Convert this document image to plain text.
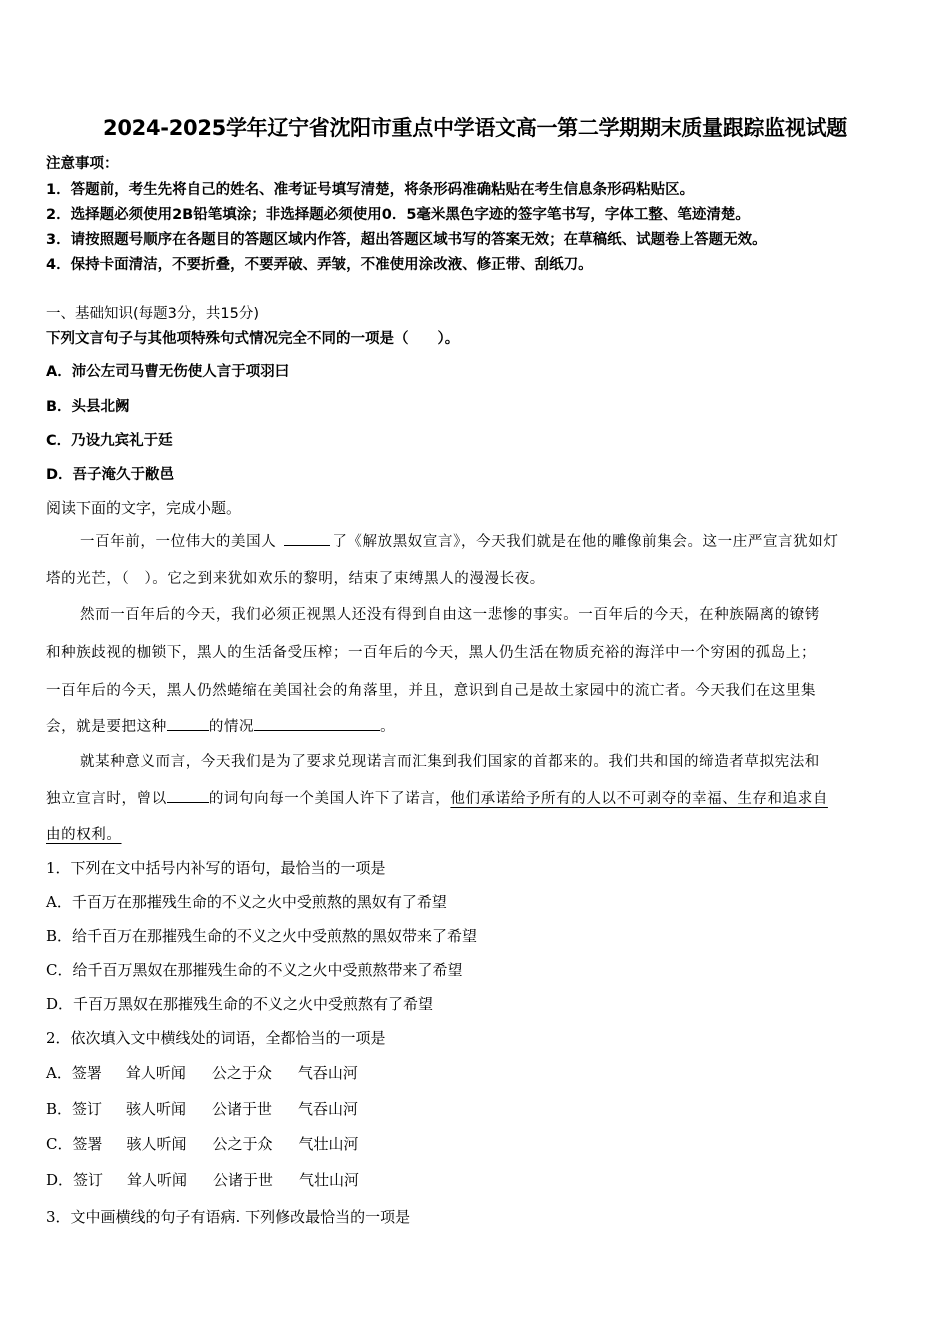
2024-2025学年辽宁省沈阳市重点中学语文高一第二学期期末质量跟踪监视试题
注意事项：
1．答题前，考生先将自己的姓名、准考证号填写清楚，将条形码准确粘贴在考生信息条形码粘贴区。
2．选择题必须使用2B铅笔填涂；非选择题必须使用0．5毫米黑色字迹的签字笔书写，字体工整、笔迹清楚。
3．请按照题号顺序在各题目的答题区域内作答，超出答题区域书写的答案无效；在草稿纸、试题卷上答题无效。
4．保持卡面清洁，不要折叠，不要弄破、弄皱，不准使用涂改液、修正带、刮纸刀。
一、基础知识(每题3分，共15分)
下列文言句子与其他项特殊句式情况完全不同的一项是（　　）。
A．沛公左司马曹无伤使人言于项羽曰
B．头县北阙
C．乃设九宾礼于廷
D．吾子淹久于敝邑
阅读下面的文字，完成小题。
一百年前，一位伟大的美国人	了《解放黑奴宣言》，今天我们就是在他的雕像前集会。这一庄严宣言犹如灯
塔的光芒，（　）。它之到来犹如欢乐的黎明，结束了束缚黑人的漫漫长夜。
然而一百年后的今天，我们必须正视黑人还没有得到自由这一悲惨的事实。一百年后的今天，在种族隔离的镣铐
和种族歧视的枷锁下，黑人的生活备受压榨；一百年后的今天，黑人仍生活在物质充裕的海洋中一个穷困的孤岛上；
一百年后的今天，黑人仍然蜷缩在美国社会的角落里，并且，意识到自己是故土家园中的流亡者。今天我们在这里集
会，就是要把这种	的情况	。
就某种意义而言，今天我们是为了要求兑现诺言而汇集到我们国家的首都来的。我们共和国的缔造者草拟宪法和
独立宣言时，曾以	的词句向每一个美国人许下了诺言，他们承诺给予所有的人以不可剥夺的幸福、生存和追求自
由的权利。
1．下列在文中括号内补写的语句，最恰当的一项是
A．千百万在那摧残生命的不义之火中受煎熬的黑奴有了希望
B．给千百万在那摧残生命的不义之火中受煎熬的黑奴带来了希望
C．给千百万黑奴在那摧残生命的不义之火中受煎熬带来了希望
D．千百万黑奴在那摧残生命的不义之火中受煎熬有了希望
2．依次填入文中横线处的词语，全都恰当的一项是
A．签署 耸人听闻 公之于众 气吞山河
B．签订 骇人听闻 公诸于世 气吞山河
C．签署 骇人听闻 公之于众 气壮山河
D．签订 耸人听闻 公诸于世 气壮山河
3．文中画横线的句子有语病. 下列修改最恰当的一项是
